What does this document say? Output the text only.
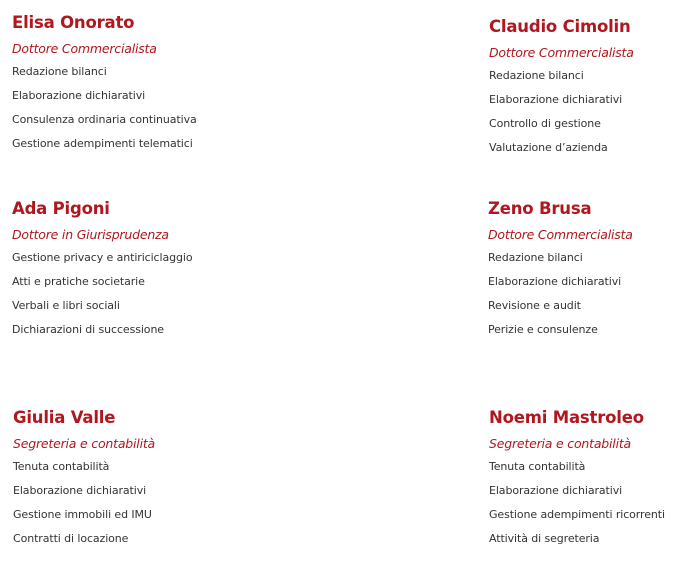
Elisa Onorato
Dottore Commercialista
Redazione bilanci
Elaborazione dichiarativi
Consulenza ordinaria continuativa
Gestione adempimenti telematici
Claudio Cimolin
Dottore Commercialista
Redazione bilanci
Elaborazione dichiarativi
Controllo di gestione
Valutazione d’azienda
Ada Pigoni
Dottore in Giurisprudenza
Gestione privacy e antiriciclaggio
Atti e pratiche societarie
Verbali e libri sociali
Dichiarazioni di successione
Zeno Brusa
Dottore Commercialista
Redazione bilanci
Elaborazione dichiarativi
Revisione e audit
Perizie e consulenze
Giulia Valle
Segreteria e contabilità
Tenuta contabilità
Elaborazione dichiarativi
Gestione immobili ed IMU
Contratti di locazione
Noemi Mastroleo
Segreteria e contabilità
Tenuta contabilità
Elaborazione dichiarativi
Gestione adempimenti ricorrenti
Attività di segreteria
